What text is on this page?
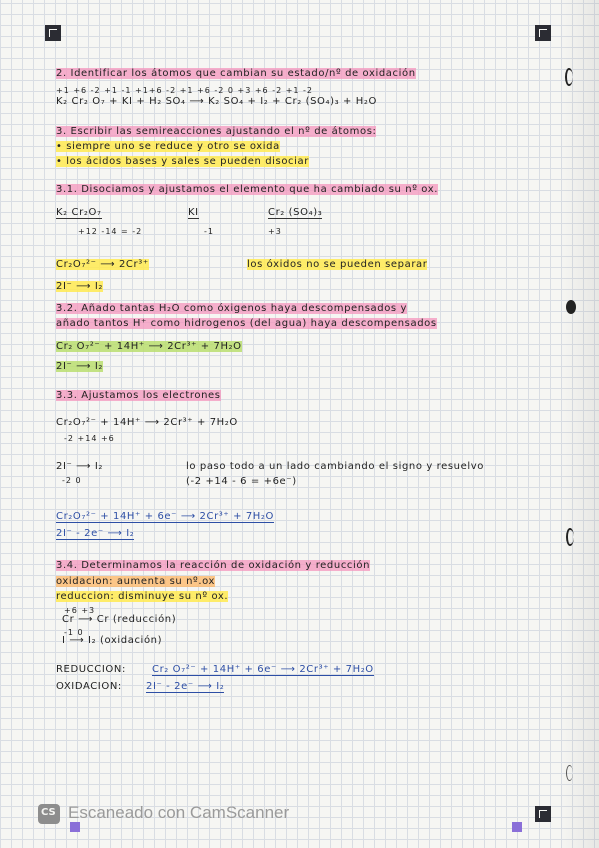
2. Identificar los átomos que cambian su estado/nº de oxidación
+1 +6 -2 +1 -1 +1+6 -2 +1 +6 -2 0 +3 +6 -2 +1 -2
K₂ Cr₂ O₇ + KI + H₂ SO₄ ⟶ K₂ SO₄ + I₂ + Cr₂ (SO₄)₃ + H₂O
3. Escribir las semireacciones ajustando el nº de átomos:
• siempre uno se reduce y otro se oxida
• los ácidos bases y sales se pueden disociar
3.1. Disociamos y ajustamos el elemento que ha cambiado su nº ox.
K₂ Cr₂O₇	KI	Cr₂ (SO₄)₃
+12 -14 = -2	-1	+3
Cr₂O₇²⁻ ⟶ 2Cr³⁺	los óxidos no se pueden separar
2I⁻ ⟶ I₂
3.2. Añado tantas H₂O como óxigenos haya descompensados y
añado tantos H⁺ como hidrogenos (del agua) haya descompensados
Cr₂ O₇²⁻ + 14H⁺ ⟶ 2Cr³⁺ + 7H₂O
2I⁻ ⟶ I₂
3.3. Ajustamos los electrones
Cr₂O₇²⁻ + 14H⁺ ⟶ 2Cr³⁺ + 7H₂O
-2 +14 +6
2I⁻ ⟶ I₂
-2 0
lo paso todo a un lado cambiando el signo y resuelvo
(-2 +14 - 6 = +6e⁻)
Cr₂O₇²⁻ + 14H⁺ + 6e⁻ ⟶ 2Cr³⁺ + 7H₂O
2I⁻ - 2e⁻ ⟶ I₂
3.4. Determinamos la reacción de oxidación y reducción
oxidacion: aumenta su nº.ox
reduccion: disminuye su nº ox.
+6 +3
Cr ⟶ Cr (reducción)
-1 0
I ⟶ I₂ (oxidación)
REDUCCION:	Cr₂ O₇²⁻ + 14H⁺ + 6e⁻ ⟶ 2Cr³⁺ + 7H₂O
OXIDACION: 2I⁻ - 2e⁻ ⟶ I₂
CS
Escaneado con CamScanner
